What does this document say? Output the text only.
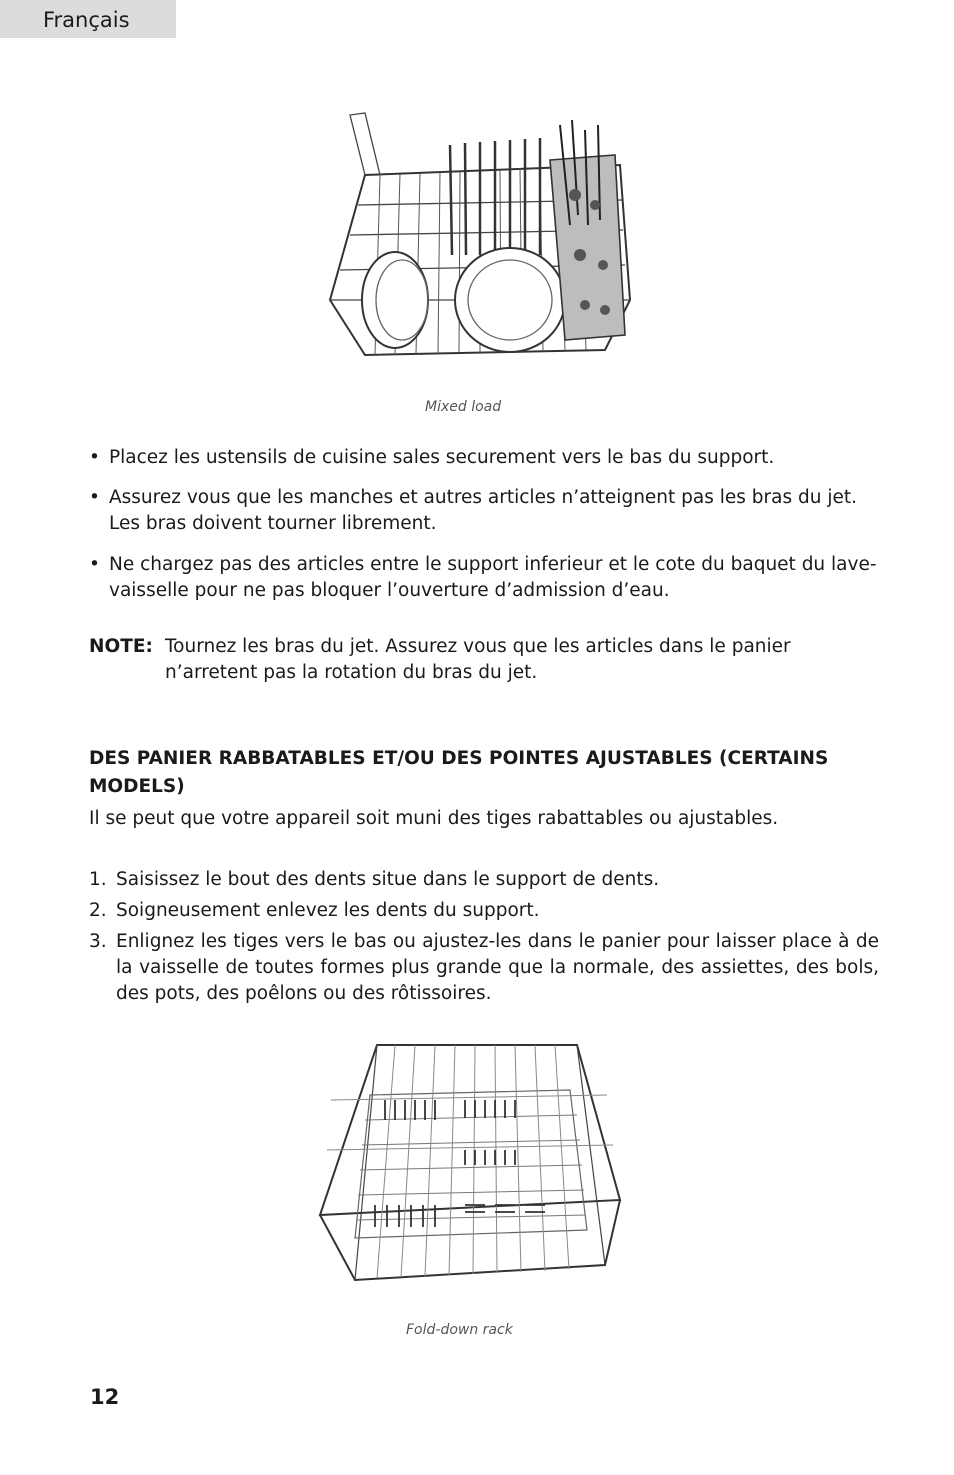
Français
Mixed load
• Placez les ustensils de cuisine sales securement vers le bas du support.
• Assurez vous que les manches et autres articles n’atteignent pas les bras du jet. Les bras doivent tourner librement.
• Ne chargez pas des articles entre le support inferieur et le cote du baquet du lave-vaisselle pour ne pas bloquer l’ouverture d’admission d’eau.
NOTE: Tournez les bras du jet. Assurez vous que les articles dans le panier n’arretent pas la rotation du bras du jet.
DES PANIER RABBATABLES ET/OU DES POINTES AJUSTABLES (CERTAINS MODELS)
Il se peut que votre appareil soit muni des tiges rabattables ou ajustables.
1. Saisissez le bout des dents situe dans le support de dents.
2. Soigneusement enlevez les dents du support.
3. Enlignez les tiges vers le bas ou ajustez-les dans le panier pour laisser place à de la vaisselle de toutes formes plus grande que la normale, des assiettes, des bols, des pots, des poêlons ou des rôtissoires.
Fold-down rack
12
